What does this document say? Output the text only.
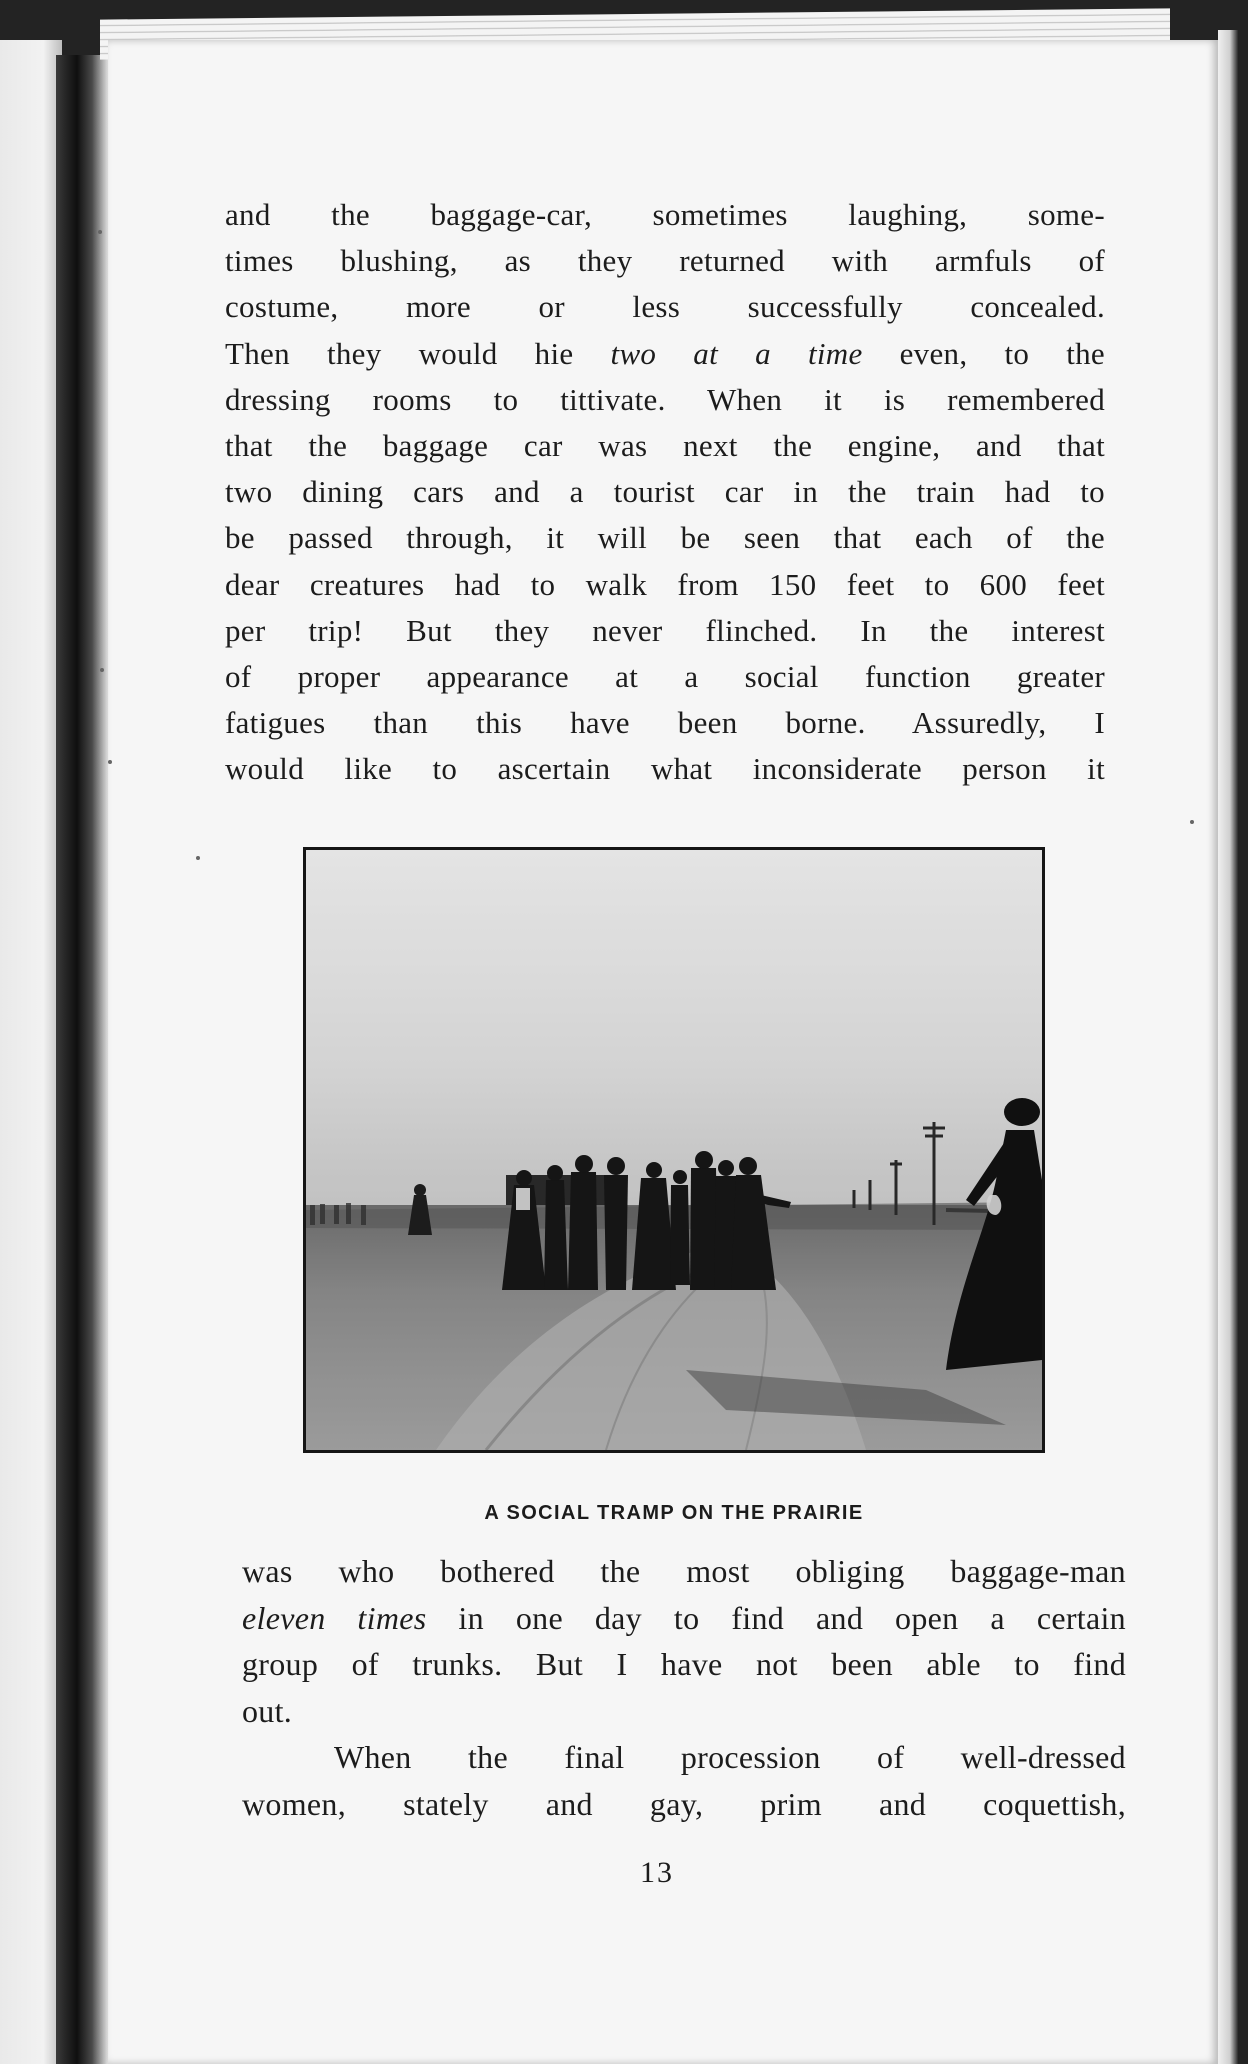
and the baggage-car, sometimes laughing, some-
times blushing, as they returned with armfuls of
costume, more or less successfully concealed.
Then they would hie two at a time even, to the
dressing rooms to tittivate. When it is remembered
that the baggage car was next the engine, and that
two dining cars and a tourist car in the train had to
be passed through, it will be seen that each of the
dear creatures had to walk from 150 feet to 600 feet
per trip! But they never flinched. In the interest
of proper appearance at a social function greater
fatigues than this have been borne. Assuredly, I
would like to ascertain what inconsiderate person it
A SOCIAL TRAMP ON THE PRAIRIE
was who bothered the most obliging baggage-man
eleven times in one day to find and open a certain
group of trunks. But I have not been able to find
out.
When the final procession of well-dressed
women, stately and gay, prim and coquettish,
13
